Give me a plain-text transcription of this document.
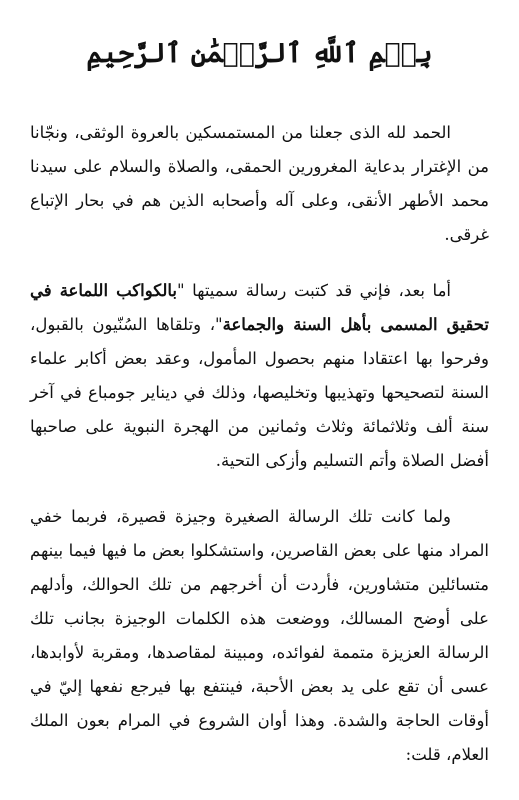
بِسۡمِ ٱللَّهِ ٱلرَّحۡمَٰنِ ٱلرَّحِيمِ

الحمد لله الذى جعلنا من المستمسكين بالعروة الوثقى، ونجّانا من الإغترار بدعاية المغرورين الحمقى، والصلاة والسلام على سيدنا محمد الأطهر الأنقى، وعلى آله وأصحابه الذين هم في بحار الإتباع غرقى.

أما بعد، فإني قد كتبت رسالة سميتها "بالكواكب اللماعة في تحقيق المسمى بأهل السنة والجماعة"، وتلقاها السُنّيون بالقبول، وفرحوا بها اعتقادا منهم بحصول المأمول، وعقد بعض أكابر علماء السنة لتصحيحها وتهذيبها وتخليصها، وذلك في ديناير جومباع في آخر سنة ألف وثلاثمائة وثلاث وثمانين من الهجرة النبوية على صاحبها أفضل الصلاة وأتم التسليم وأزكى التحية.

ولما كانت تلك الرسالة الصغيرة وجيزة قصيرة، فربما خفي المراد منها على بعض القاصرين، واستشكلوا بعض ما فيها فيما بينهم متسائلين متشاورين، فأردت أن أخرجهم من تلك الحوالك، وأدلهم على أوضح المسالك، ووضعت هذه الكلمات الوجيزة بجانب تلك الرسالة العزيزة متممة لفوائده، ومبينة لمقاصدها، ومقربة لأوابدها، عسى أن تقع على يد بعض الأحبة، فينتفع بها فيرجع نفعها إليّ في أوقات الحاجة والشدة. وهذا أوان الشروع في المرام بعون الملك العلام، قلت:
